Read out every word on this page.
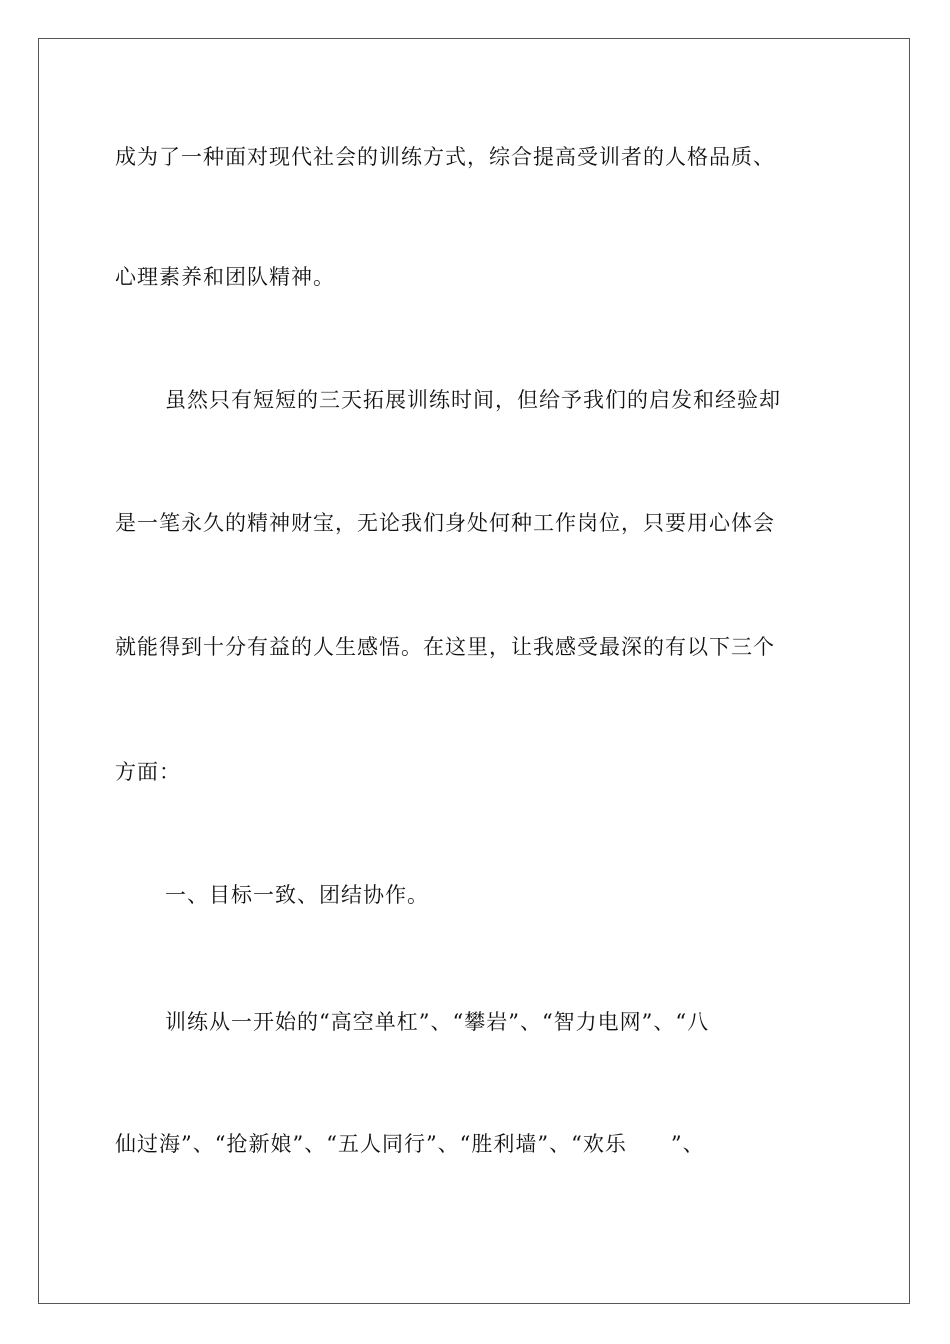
成为了一种面对现代社会的训练方式，综合提高受训者的人格品质、
心理素养和团队精神。
虽然只有短短的三天拓展训练时间，但给予我们的启发和经验却
是一笔永久的精神财宝，无论我们身处何种工作岗位，只要用心体会
就能得到十分有益的人生感悟。在这里，让我感受最深的有以下三个
方面：
一、目标一致、团结协作。
训练从一开始的“高空单杠”、“攀岩”、“智力电网”、“八
仙过海”、“抢新娘”、“五人同行”、“胜利墙”、“欢乐　　”、
